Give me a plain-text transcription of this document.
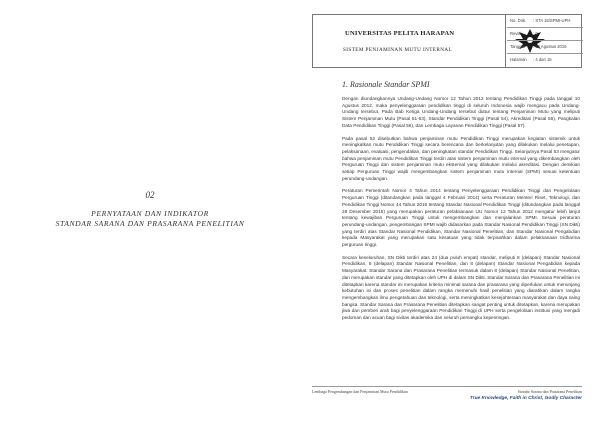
02
PERNYATAAN DAN INDIKATOR
STANDAR SARANA DAN PRASARANA PENELITIAN
UNIVERSITAS PELITA HARAPAN
SISTEM PENJAMINAN MUTU INTERNAL
No. Dok. : STA 15/SPMI-UPH
Revisi	: 0
Tanggal : 22 Agustus 2016
Halaman : 4 dari 15
1. Rasionale Standar SPMI

Dengan diundangkannya Undang-Undang Nomor 12 Tahun 2012 tentang Pendidikan Tinggi pada tanggal 10 Agustus 2012, maka penyelenggaraan pendidikan tinggi di seluruh Indonesia wajib mengacu pada Undang-Undang tersebut. Pada Bab Ketiga Undang-Undang tersebut diatur tentang Penjaminan Mutu yang meliputi Sistem Penjaminan Mutu (Pasal 51-53), Standar Pendidikan Tinggi (Pasal 54), Akreditasi (Pasal 55), Pangkalan Data Pendidikan Tinggi (Pasal 56), dan Lembaga Layanan Pendidikan Tinggi (Pasal 57).

Pada pasal 52 disebutkan bahwa penjaminan mutu Pendidikan Tinggi merupakan kegiatan sistemik untuk meningkatkan mutu Pendidikan Tinggi secara berencana dan berkelanjutan yang dilakukan melalui penetapan, pelaksanaan, evaluasi, pengendalian, dan peningkatan standar Pendidikan Tinggi. Selanjutnya Pasal 53 mengatur bahwa penjaminan mutu Pendidikan Tinggi terdiri atas sistem penjaminan mutu internal yang dikembangkan oleh Perguruan Tinggi dan sistem penjaminan mutu eksternal yang dilakukan melalui akreditasi. Dengan demikian setiap Perguruan Tinggi wajib mengembangkan sistem penjaminan mutu internal (SPMI) sesuai ketentuan perundang-undangan.

Peraturan Pemerintah Nomor 4 Tahun 2014 tentang Penyelenggaraan Pendidikan Tinggi dan Pengelolaan Perguruan Tinggi (ditandangkan pada tanggal 4 Februari 2014) serta Peraturan Menteri Riset, Teknologi, dan Pendidikan Tinggi Nomor 44 Tahun 2015 tentang Standar Nasional Pendidikan Tinggi (ditundangkan pada tanggal 28 Desember 2015) yang merupakan peraturan pelaksanaan UU Nomor 12 Tahun 2012 mengatur lebih lanjut tentang kewajiban Perguruan Tinggi untuk mengembangkan dan menjalankan SPMI. Sesuai peraturan perundang-undangan, pengembangan SPMI wajib didasarkan pada Standar Nasional Pendidikan Tinggi (SN Dikti) yang terdiri atas Standar Nasional Pendidikan, Standar Nasional Penelitian, dan Standar Nasional Pengabdian kepada Masyarakat yang merupakan satu kesatuan yang tidak terpisahkan dalam pelaksanaan tridharma perguruan tinggi.

Secara keseluruhan, SN Dikti terdiri atas 24 (dua puluh empat) standar, meliputi 8 (delapan) Standar Nasional Pendidikan, 8 (delapan) Standar Nasional Penelitian, dan 8 (delapan) Standar Nasional Pengabdian kepada Masyarakat. Standar Sarana dan Prasarana Penelitian termasuk dalam 8 (delapan) Standar Nasional Penelitian, dan merupakan standar yang ditetapkan oleh UPH di dalam SN Dikti. Standar Sarana dan Prasarana Penelitian ini ditetapkan karena standar ini merupakan kriteria minimal sarana dan prasarana yang diperlukan untuk menunjang kebutuhan isi dan proses penelitian dalam rangka memenuhi hasil penelitian yang diarahkan dalam rangka mengembangkan ilmu pengetahuan dan teknologi, serta meningkatkan kesejahteraan masyarakat dan daya saing bangsa. Standar Sarana dan Prasarana Penelitian ditetapkan sangat penting untuk ditetapkan, karena merupakan jiwa dan pemberi arah bagi penyelenggaraan Pendidikan Tinggi di UPH serta pengelolaan institusi yang menjadi pedoman dan acuan bagi sivitas akademika dan seluruh pemangku kepentingan.

Lembaga Pengembangan dan Penjaminan Mutu Pendidikan	Standar Sarana dan Prasarana Penelitian
True Knowledge, Faith in Christ, Godly Character
